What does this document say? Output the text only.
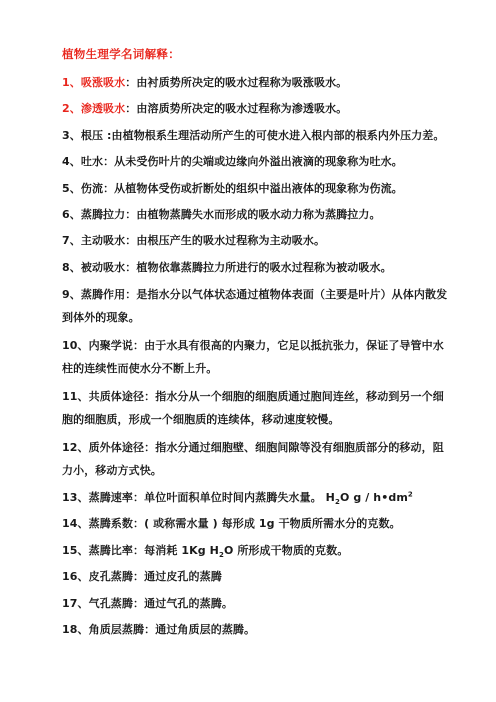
植物生理学名词解释：
1、吸涨吸水：由衬质势所决定的吸水过程称为吸涨吸水。
2、渗透吸水：由溶质势所决定的吸水过程称为渗透吸水。
3、根压 :由植物根系生理活动所产生的可使水进入根内部的根系内外压力差。
4、吐水：从未受伤叶片的尖端或边缘向外溢出液滴的现象称为吐水。
5、伤流：从植物体受伤或折断处的组织中溢出液体的现象称为伤流。
6、蒸腾拉力：由植物蒸腾失水而形成的吸水动力称为蒸腾拉力。
7、主动吸水：由根压产生的吸水过程称为主动吸水。
8、被动吸水：植物依靠蒸腾拉力所进行的吸水过程称为被动吸水。
9、蒸腾作用：是指水分以气体状态通过植物体表面（主要是叶片）从体内散发到体外的现象。
10、内聚学说：由于水具有很高的内聚力，它足以抵抗张力，保证了导管中水柱的连续性而使水分不断上升。
11、共质体途径：指水分从一个细胞的细胞质通过胞间连丝，移动到另一个细胞的细胞质，形成一个细胞质的连续体，移动速度较慢。
12、质外体途径：指水分通过细胞壁、细胞间隙等没有细胞质部分的移动，阻力小，移动方式快。
13、蒸腾速率：单位叶面积单位时间内蒸腾失水量。 $H_2O$ g / $h•dm^2$
14、蒸腾系数：( 或称需水量 ) 每形成 1g 干物质所需水分的克数。
15、蒸腾比率：每消耗 1Kg $H_2O$ 所形成干物质的克数。
16、皮孔蒸腾：通过皮孔的蒸腾
17、气孔蒸腾：通过气孔的蒸腾。
18、角质层蒸腾：通过角质层的蒸腾。
